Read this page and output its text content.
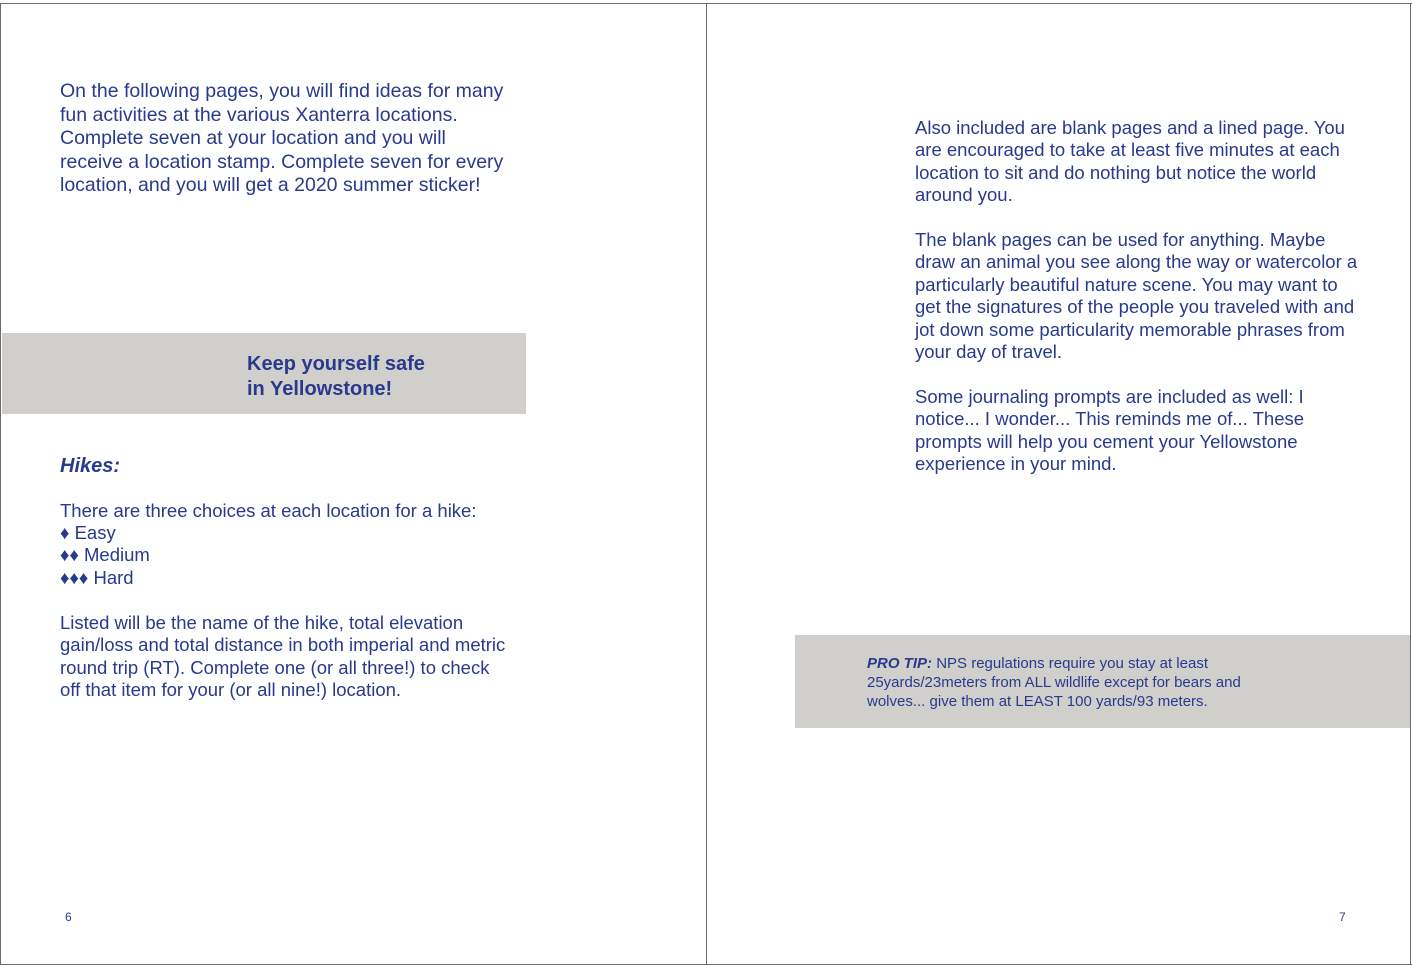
On the following pages, you will find ideas for many fun activities at the various Xanterra locations. Complete seven at your location and you will receive a location stamp. Complete seven for every location, and you will get a 2020 summer sticker!

Keep yourself safe
in Yellowstone!

Hikes:

There are three choices at each location for a hike:

♦ Easy
♦♦ Medium
♦♦♦ Hard

Listed will be the name of the hike, total elevation gain/loss and total distance in both imperial and metric round trip (RT). Complete one (or all three!) to check off that item for your (or all nine!) location.

6

Also included are blank pages and a lined page. You are encouraged to take at least five minutes at each location to sit and do nothing but notice the world around you.

The blank pages can be used for anything. Maybe draw an animal you see along the way or watercolor a particularly beautiful nature scene. You may want to get the signatures of the people you traveled with and jot down some particularity memorable phrases from your day of travel.

Some journaling prompts are included as well: I notice... I wonder... This reminds me of... These prompts will help you cement your Yellowstone experience in your mind.

PRO TIP: NPS regulations require you stay at least 25yards/23meters from ALL wildlife except for bears and wolves... give them at LEAST 100 yards/93 meters.

7
